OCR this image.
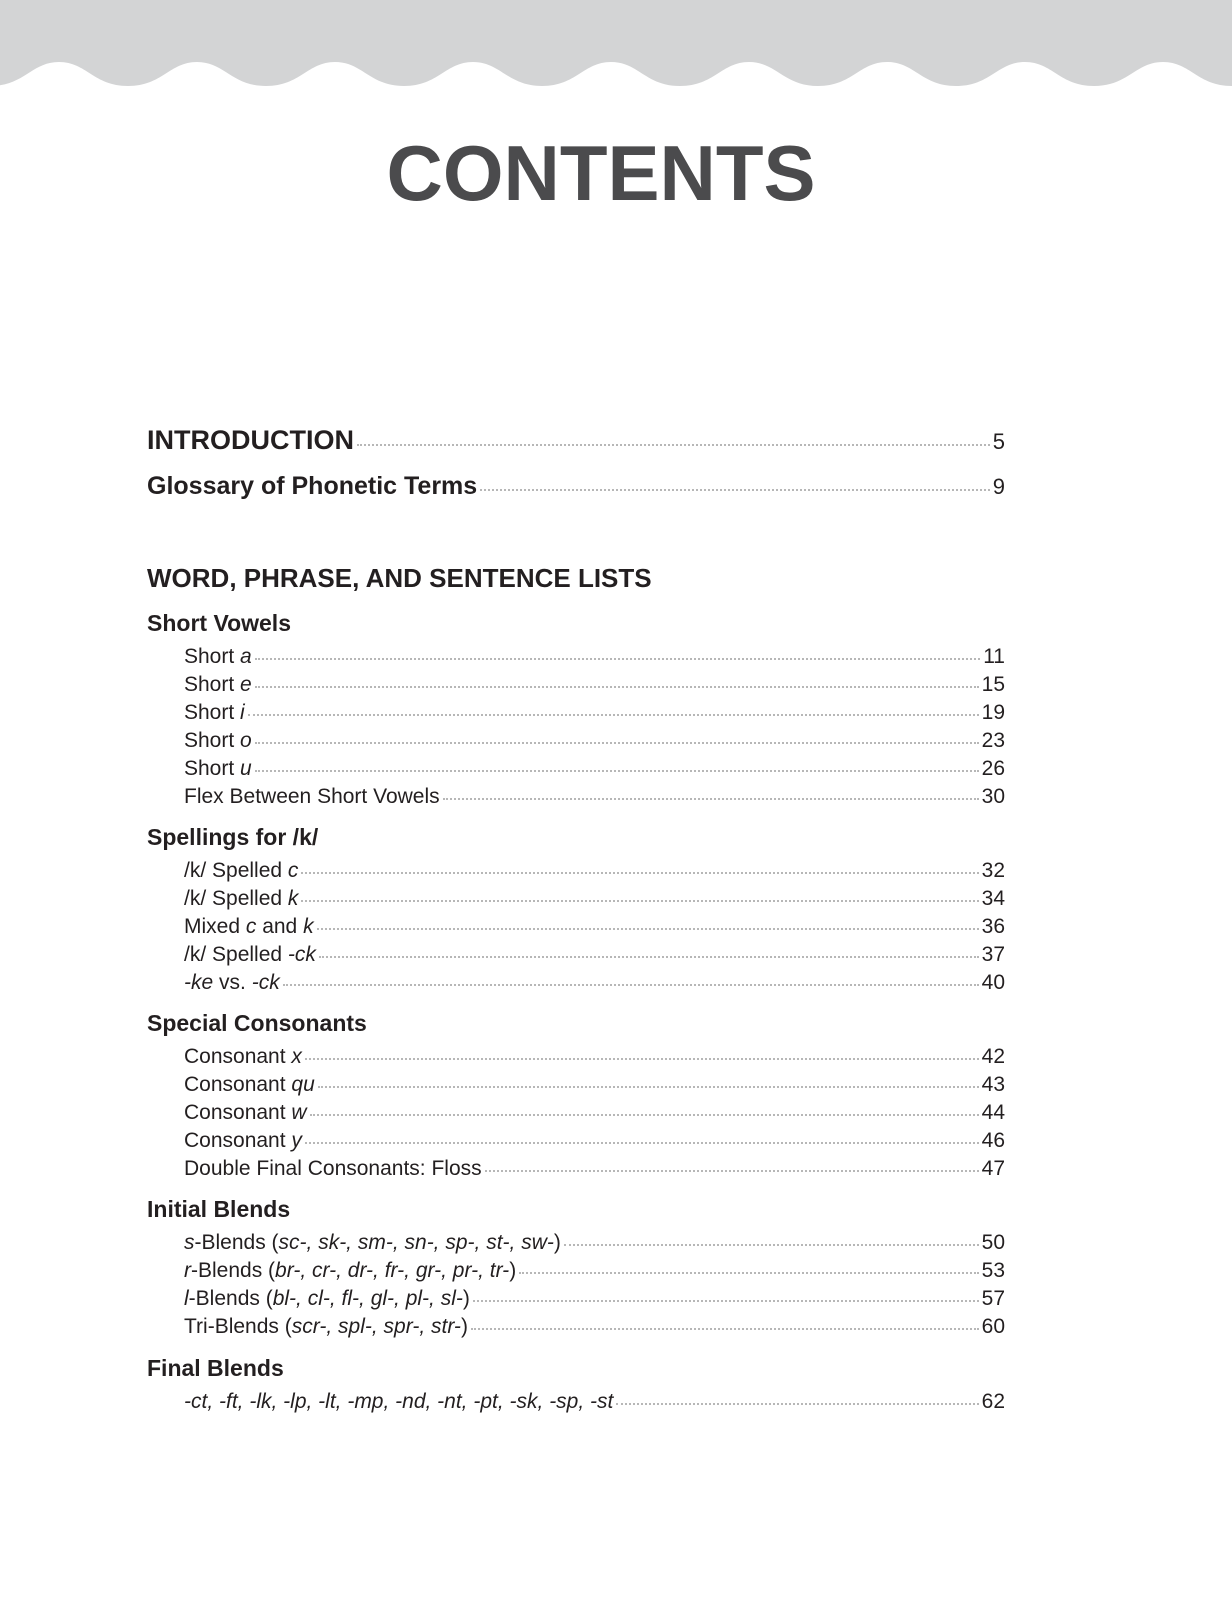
CONTENTS
INTRODUCTION	5
Glossary of Phonetic Terms	9
WORD, PHRASE, AND SENTENCE LISTS
Short Vowels
Short a	11
Short e	15
Short i	19
Short o	23
Short u	26
Flex Between Short Vowels	30
Spellings for /k/
/k/ Spelled c	32
/k/ Spelled k	34
Mixed c and k	36
/k/ Spelled -ck	37
-ke vs. -ck	40
Special Consonants
Consonant x	42
Consonant qu	43
Consonant w	44
Consonant y	46
Double Final Consonants: Floss	47
Initial Blends
s-Blends (sc-, sk-, sm-, sn-, sp-, st-, sw-)	50
r-Blends (br-, cr-, dr-, fr-, gr-, pr-, tr-)	53
l-Blends (bl-, cl-, fl-, gl-, pl-, sl-)	57
Tri-Blends (scr-, spl-, spr-, str-)	60
Final Blends
-ct, -ft, -lk, -lp, -lt, -mp, -nd, -nt, -pt, -sk, -sp, -st	62
